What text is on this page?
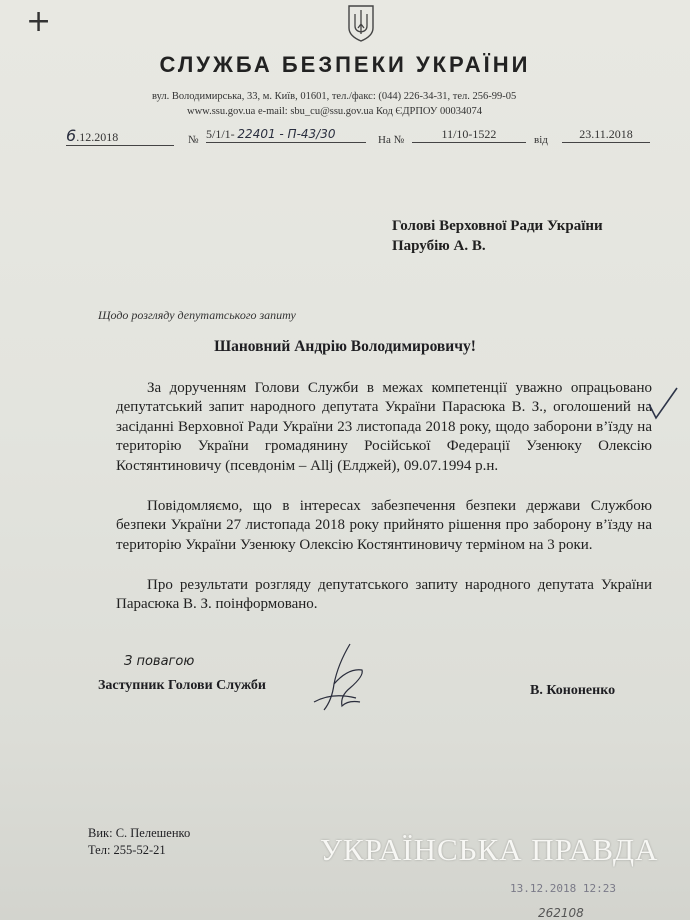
+
СЛУЖБА БЕЗПЕКИ УКРАЇНИ
вул. Володимирська, 33, м. Київ, 01601, тел./факс: (044) 226-34-31, тел. 256-99-05
www.ssu.gov.ua e-mail: sbu_cu@ssu.gov.ua Код ЄДРПОУ 00034074
6.12.2018	№ 5/1/1- 22401 - П-43/30	На №	11/10-1522	від	23.11.2018
Голові Верховної Ради України
Парубію А. В.
Щодо розгляду депутатського запиту
Шановний Андрію Володимировичу!
За дорученням Голови Служби в межах компетенції уважно опрацьовано депутатський запит народного депутата України Парасюка В. З., оголошений на засіданні Верховної Ради України 23 листопада 2018 року, щодо заборони в’їзду на територію України громадянину Російської Федерації Узенюку Олексію Костянтиновичу (псевдонім – Allj (Елджей), 09.07.1994 р.н.
Повідомляємо, що в інтересах забезпечення безпеки держави Службою безпеки України 27 листопада 2018 року прийнято рішення про заборону в’їзду на територію України Узенюку Олексію Костянтиновичу терміном на 3 роки.
Про результати розгляду депутатського запиту народного депутата України Парасюка В. З. поінформовано.
З повагою
Заступник Голови Служби	В. Кононенко
Вик: С. Пелешенко
Тел: 255-52-21	УКРАЇНСЬКА ПРАВДА
13.12.2018 12:23
262108
